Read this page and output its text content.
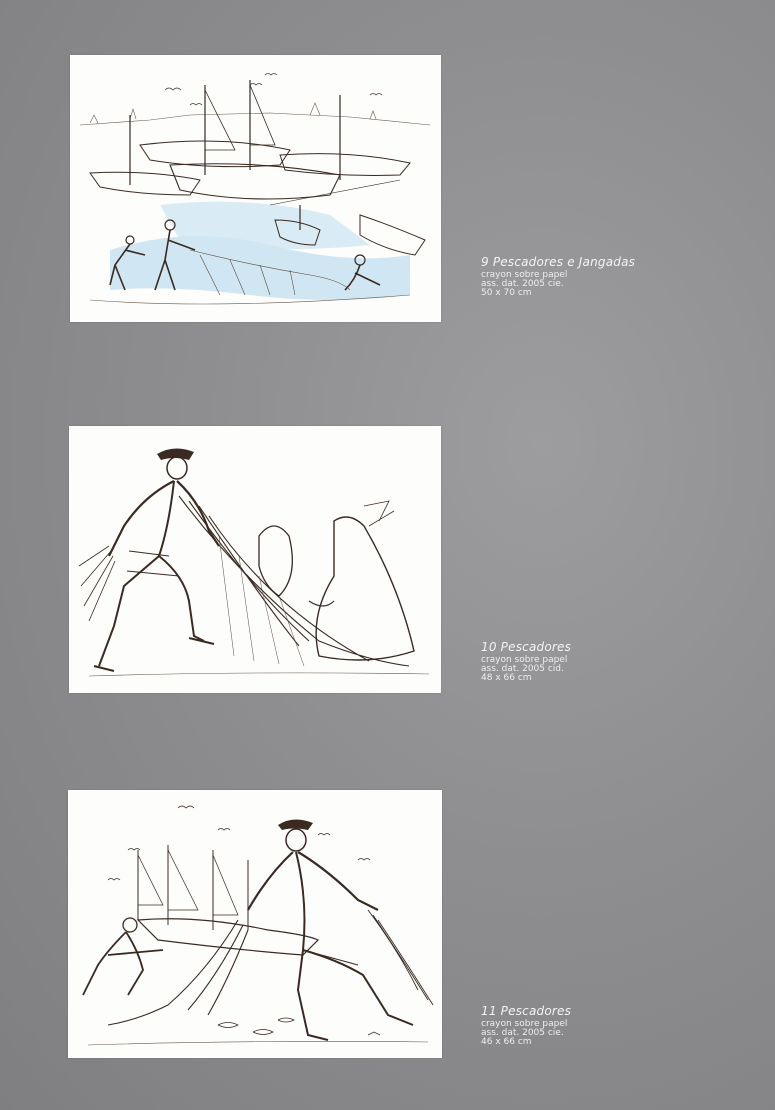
9 Pescadores e Jangadas
crayon sobre papel
ass. dat. 2005 cie.
50 x 70 cm
10 Pescadores
crayon sobre papel
ass. dat. 2005 cid.
48 x 66 cm
11 Pescadores
crayon sobre papel
ass. dat. 2005 cie.
46 x 66 cm
